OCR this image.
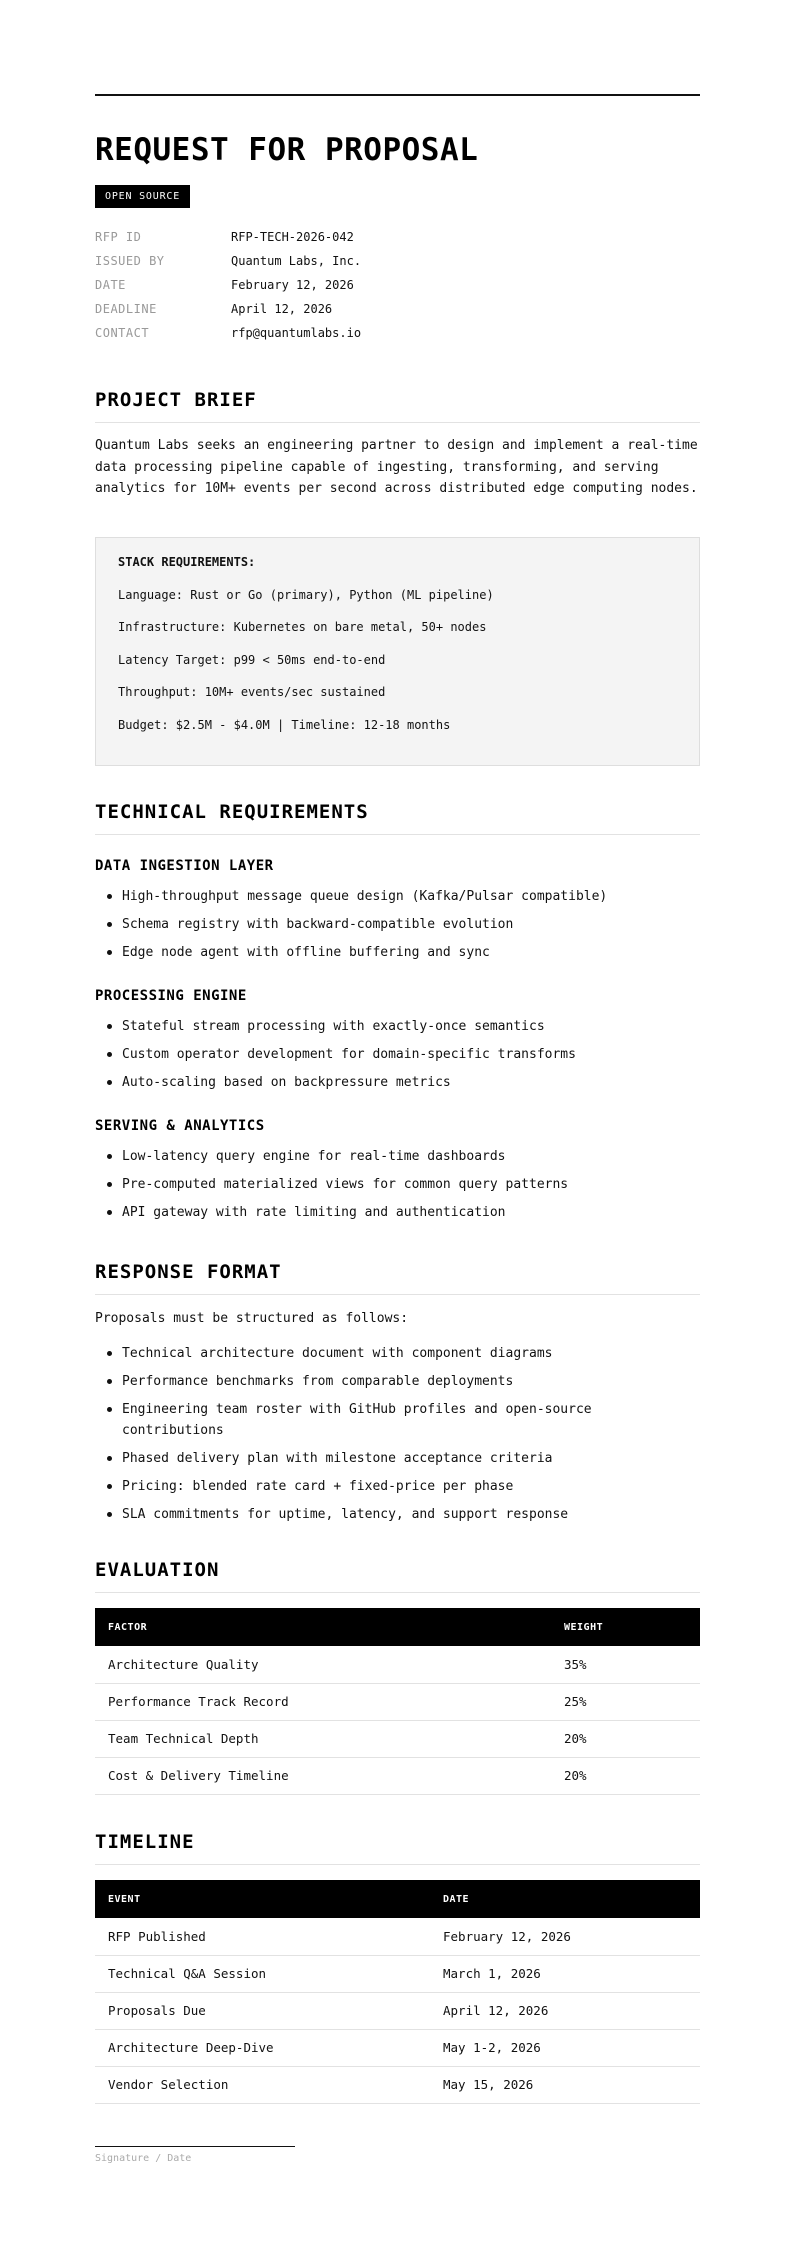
REQUEST FOR PROPOSAL
OPEN SOURCE
RFP ID	RFP-TECH-2026-042
ISSUED BY	Quantum Labs, Inc.
DATE	February 12, 2026
DEADLINE	April 12, 2026
CONTACT	rfp@quantumlabs.io
PROJECT BRIEF
Quantum Labs seeks an engineering partner to design and implement a real-time data processing pipeline capable of ingesting, transforming, and serving analytics for 10M+ events per second across distributed edge computing nodes.
STACK REQUIREMENTS:
Language: Rust or Go (primary), Python (ML pipeline)
Infrastructure: Kubernetes on bare metal, 50+ nodes
Latency Target: p99 < 50ms end-to-end
Throughput: 10M+ events/sec sustained
Budget: $2.5M - $4.0M | Timeline: 12-18 months
TECHNICAL REQUIREMENTS
DATA INGESTION LAYER
High-throughput message queue design (Kafka/Pulsar compatible)
Schema registry with backward-compatible evolution
Edge node agent with offline buffering and sync
PROCESSING ENGINE
Stateful stream processing with exactly-once semantics
Custom operator development for domain-specific transforms
Auto-scaling based on backpressure metrics
SERVING & ANALYTICS
Low-latency query engine for real-time dashboards
Pre-computed materialized views for common query patterns
API gateway with rate limiting and authentication
RESPONSE FORMAT
Proposals must be structured as follows:
Technical architecture document with component diagrams
Performance benchmarks from comparable deployments
Engineering team roster with GitHub profiles and open-source contributions
Phased delivery plan with milestone acceptance criteria
Pricing: blended rate card + fixed-price per phase
SLA commitments for uptime, latency, and support response
EVALUATION
FACTOR	WEIGHT
Architecture Quality	35%
Performance Track Record	25%
Team Technical Depth	20%
Cost & Delivery Timeline	20%
TIMELINE
EVENT	DATE
RFP Published	February 12, 2026
Technical Q&A Session	March 1, 2026
Proposals Due	April 12, 2026
Architecture Deep-Dive	May 1-2, 2026
Vendor Selection	May 15, 2026
Signature / Date
